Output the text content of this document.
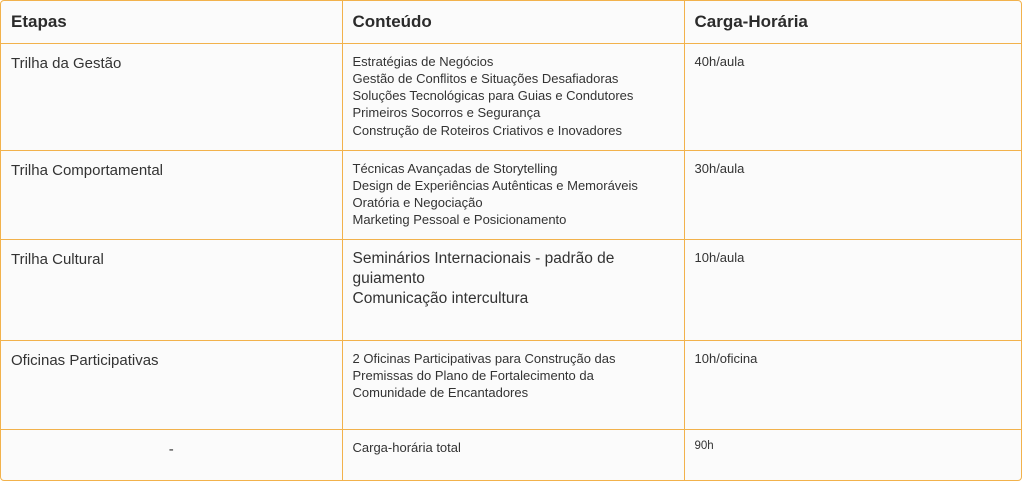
Etapas	Conteúdo	Carga-Horária
Trilha da Gestão	Estratégias de Negócios
Gestão de Conflitos e Situações Desafiadoras
Soluções Tecnológicas para Guias e Condutores
Primeiros Socorros e Segurança
Construção de Roteiros Criativos e Inovadores	40h/aula
Trilha Comportamental	Técnicas Avançadas de Storytelling
Design de Experiências Autênticas e Memoráveis
Oratória e Negociação
Marketing Pessoal e Posicionamento	30h/aula
Trilha Cultural	Seminários Internacionais - padrão de guiamento
Comunicação intercultura	10h/aula
Oficinas Participativas	2 Oficinas Participativas para Construção das
Premissas do Plano de Fortalecimento da
Comunidade de Encantadores	10h/oficina
-	Carga-horária total	90h
